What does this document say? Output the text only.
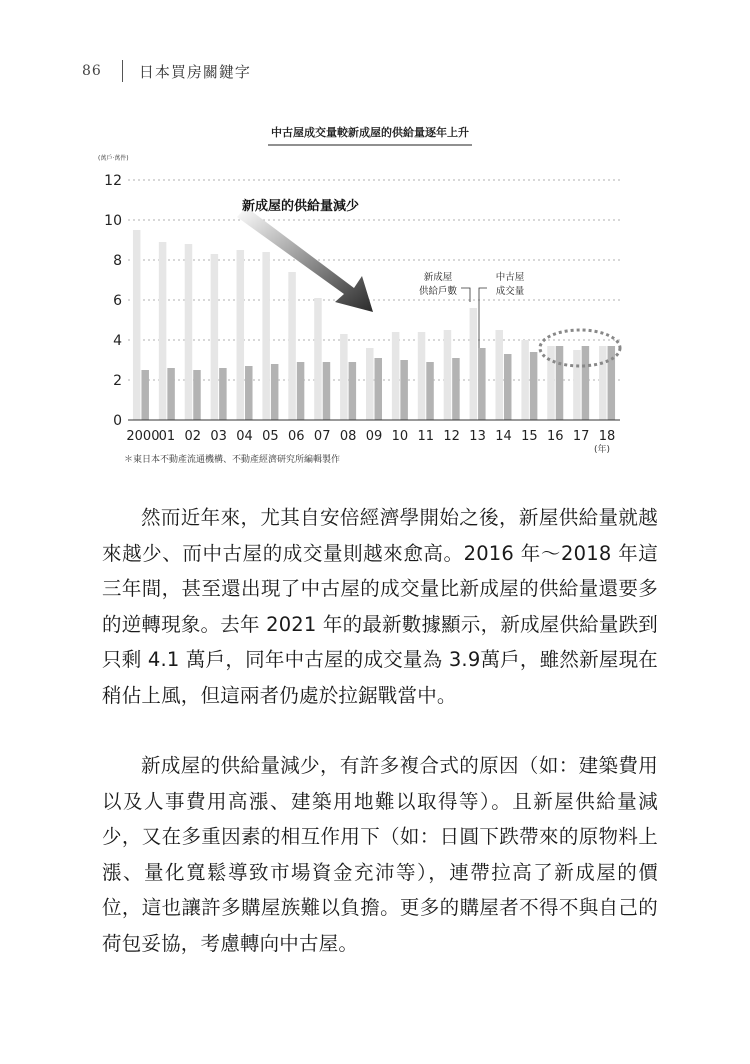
86 日本買房關鍵字
中古屋成交量較新成屋的供給量逐年上升
(萬戶·萬件)
0
2
4
6
8
10
12
2000 01 02 03 04 05 06 07 08 09 10 11 12 13 14 15 16 17 18
(年)
新成屋的供給量減少
新成屋
供給戶數
中古屋
成交量
＊東日本不動產流通機構、不動產經濟研究所編輯製作

然而近年來，尤其自安倍經濟學開始之後，新屋供給量就越來越少、而中古屋的成交量則越來愈高。2016 年～2018 年這三年間，甚至還出現了中古屋的成交量比新成屋的供給量還要多的逆轉現象。去年 2021 年的最新數據顯示，新成屋供給量跌到只剩 4.1 萬戶，同年中古屋的成交量為 3.9萬戶，雖然新屋現在稍佔上風，但這兩者仍處於拉鋸戰當中。

新成屋的供給量減少，有許多複合式的原因（如：建築費用以及人事費用高漲、建築用地難以取得等）。且新屋供給量減少，又在多重因素的相互作用下（如：日圓下跌帶來的原物料上漲、量化寬鬆導致市場資金充沛等），連帶拉高了新成屋的價位，這也讓許多購屋族難以負擔。更多的購屋者不得不與自己的荷包妥協，考慮轉向中古屋。
